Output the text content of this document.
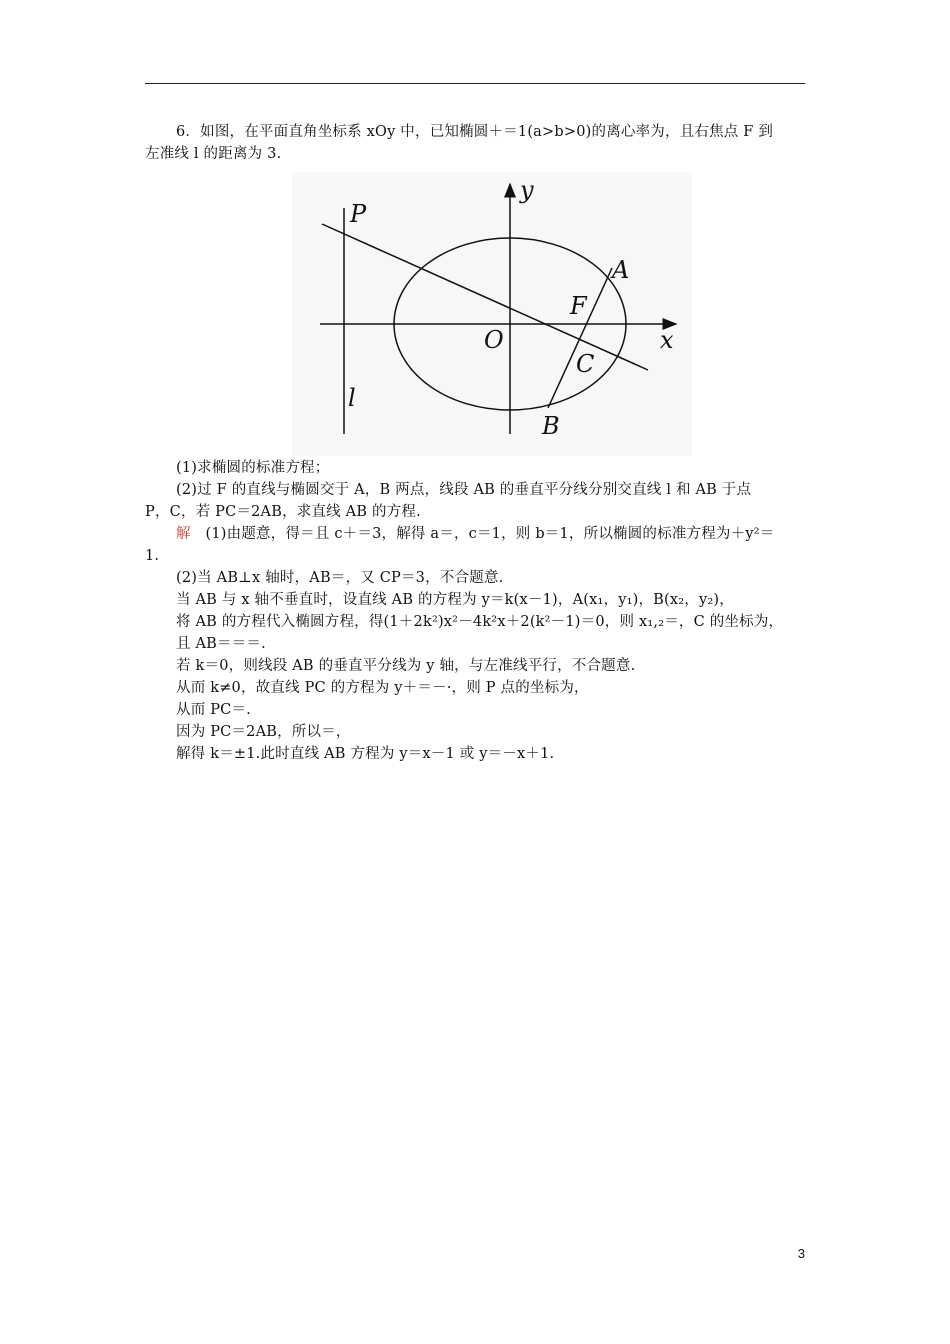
6．如图，在平面直角坐标系 xOy 中，已知椭圆＋＝1(a>b>0)的离心率为，且右焦点 F 到
左准线 l 的距离为 3.
y
P
A
F
O	x
C
l
B
(1)求椭圆的标准方程；
(2)过 F 的直线与椭圆交于 A，B 两点，线段 AB 的垂直平分线分别交直线 l 和 AB 于点
P，C，若 PC＝2AB，求直线 AB 的方程.
解 (1)由题意，得＝且 c＋＝3，解得 a＝，c＝1，则 b＝1，所以椭圆的标准方程为＋y²＝
1.
(2)当 AB⊥x 轴时，AB＝，又 CP＝3，不合题意.
当 AB 与 x 轴不垂直时，设直线 AB 的方程为 y＝k(x－1)，A(x₁，y₁)，B(x₂，y₂)，
将 AB 的方程代入椭圆方程，得(1＋2k²)x²－4k²x＋2(k²－1)＝0，则 x₁,₂＝，C 的坐标为，
且 AB＝＝＝.
若 k＝0，则线段 AB 的垂直平分线为 y 轴，与左准线平行，不合题意.
从而 k≠0，故直线 PC 的方程为 y＋＝－·，则 P 点的坐标为，
从而 PC＝.
因为 PC＝2AB，所以＝，
解得 k＝±1.此时直线 AB 方程为 y＝x－1 或 y＝－x＋1.
3
